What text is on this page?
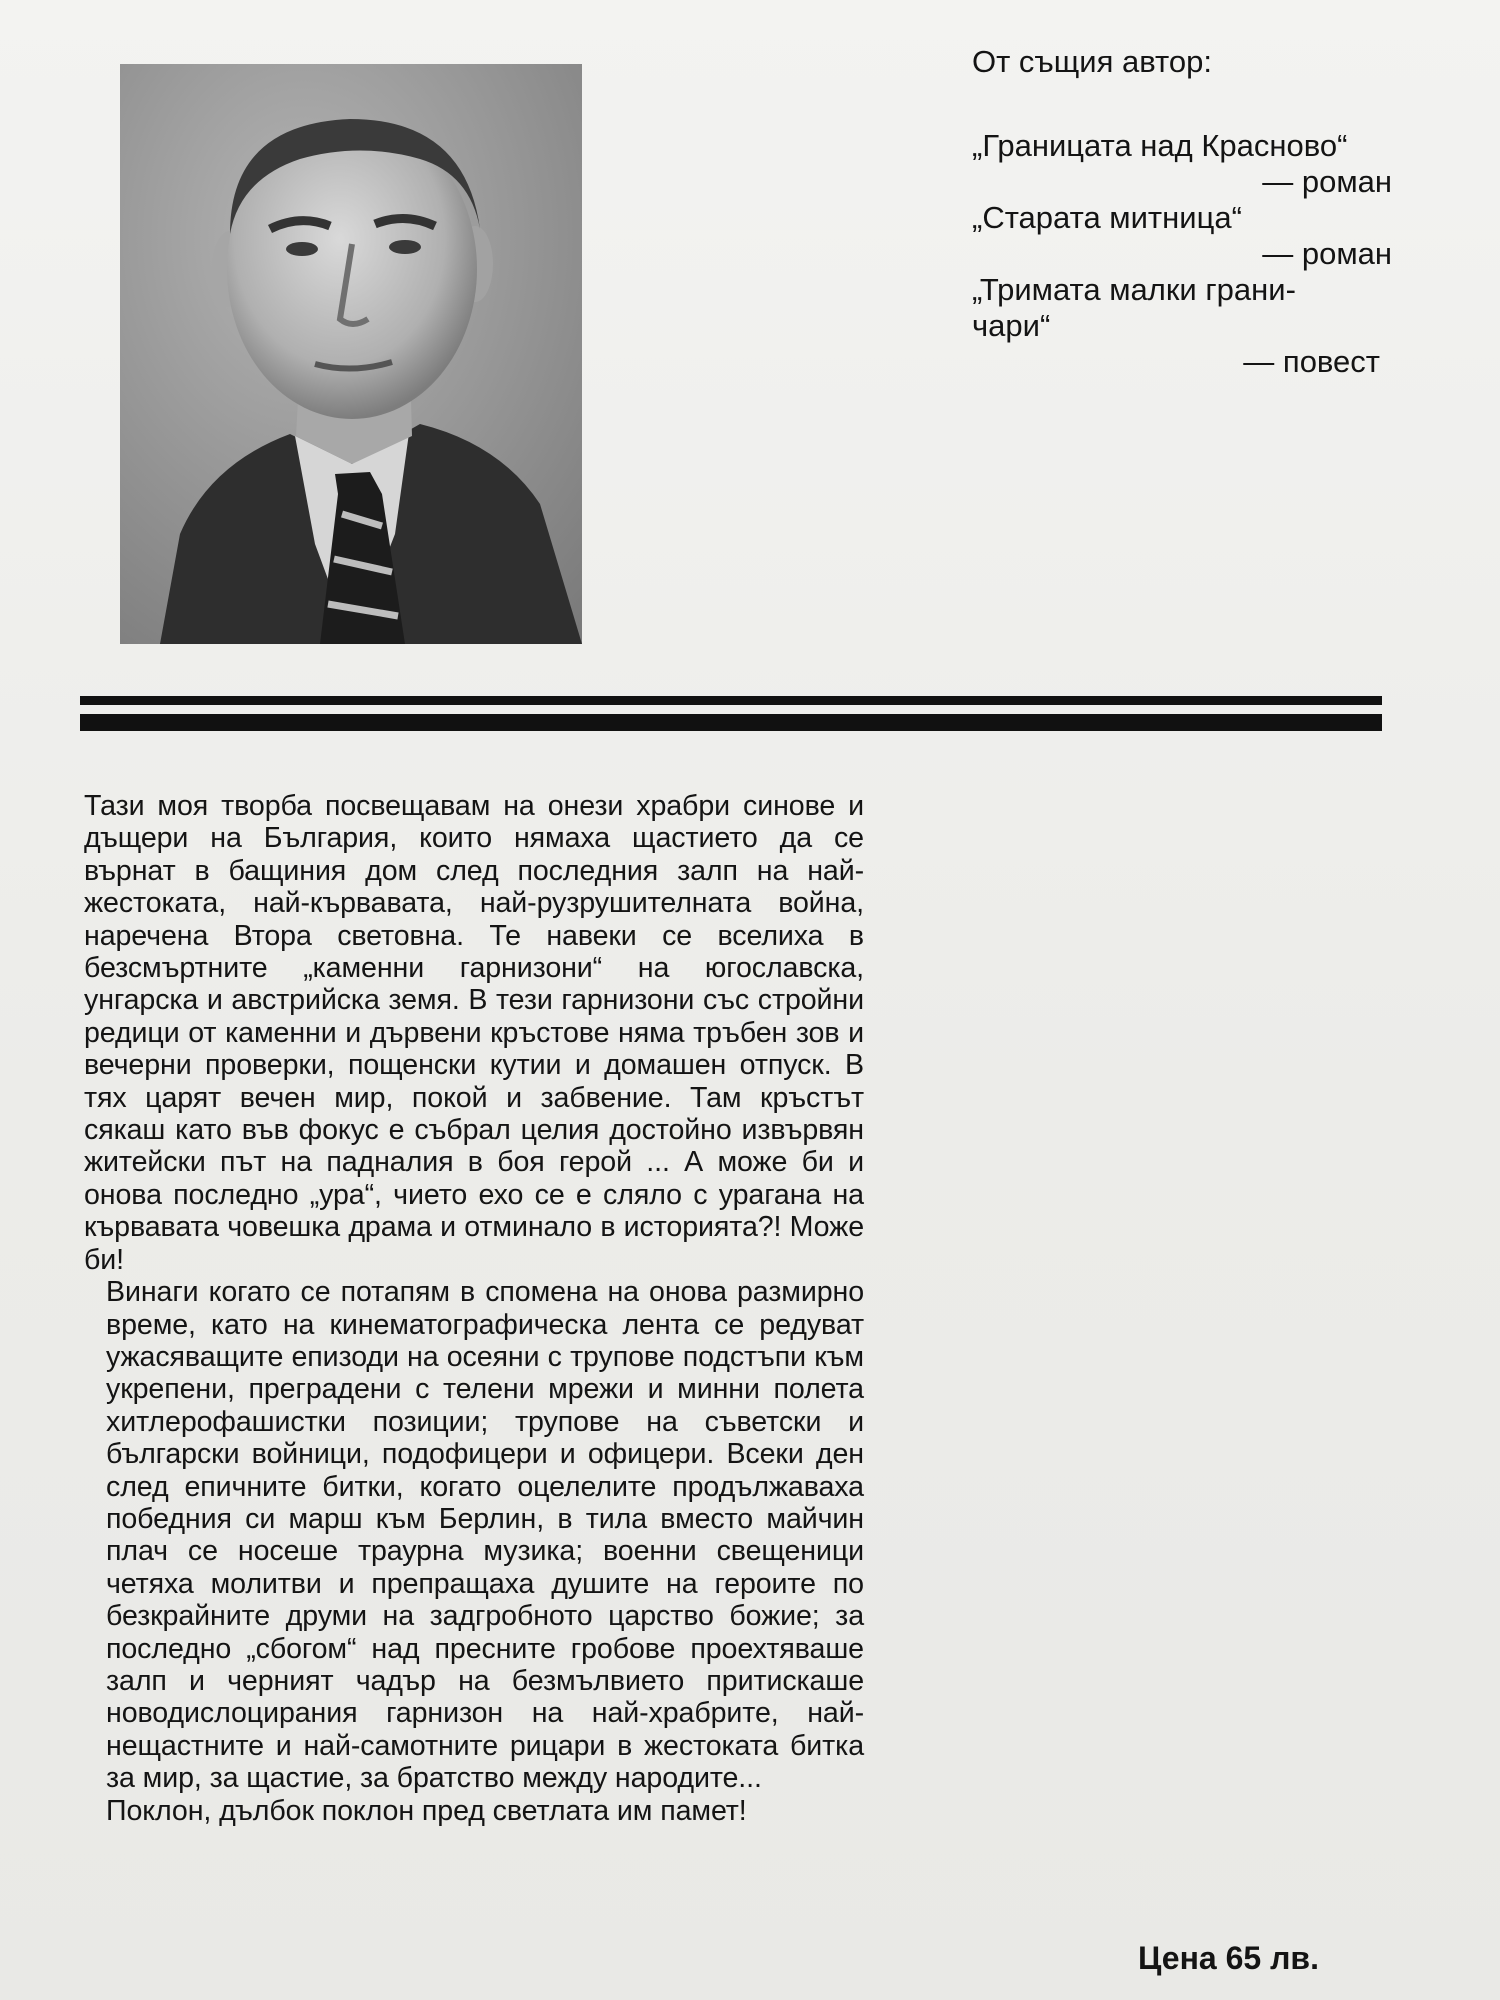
От същия автор:

„Границата над Красново“

— роман

„Старата митница“

— роман

„Тримата малки грани-
чари“

— повест

Тази моя творба посвещавам на онези храбри синове и дъщери на България, които нямаха щастието да се върнат в бащиния дом след последния залп на най-жестоката, най-кървавата, най-рузрушителната война, наречена Втора световна. Те навеки се вселиха в безсмъртните „каменни гарнизони“ на югославска, унгарска и австрийска земя. В тези гарнизони със стройни редици от каменни и дървени кръстове няма тръбен зов и вечерни проверки, пощенски кутии и домашен отпуск. В тях царят вечен мир, покой и забвение. Там кръстът сякаш като във фокус е събрал целия достойно извървян житейски път на падналия в боя герой ... А може би и онова последно „ура“, чието ехо се е сляло с урагана на кървавата човешка драма и отминало в историята?! Може би!

Винаги когато се потапям в спомена на онова размирно време, като на кинематографическа лента се редуват ужасяващите епизоди на осеяни с трупове подстъпи към укрепени, преградени с телени мрежи и минни полета хитлерофашистки позиции; трупове на съветски и български войници, подофицери и офицери. Всеки ден след епичните битки, когато оцелелите продължаваха победния си марш към Берлин, в тила вместо майчин плач се носеше траурна музика; военни свещеници четяха молитви и препращаха душите на героите по безкрайните друми на задгробното царство божие; за последно „сбогом“ над пресните гробове проехтяваше залп и черният чадър на безмълвието притискаше новодислоцирания гарнизон на най-храбрите, най-нещастните и най-самотните рицари в жестоката битка за мир, за щастие, за братство между народите...

Поклон, дълбок поклон пред светлата им памет!

Цена 65 лв.
